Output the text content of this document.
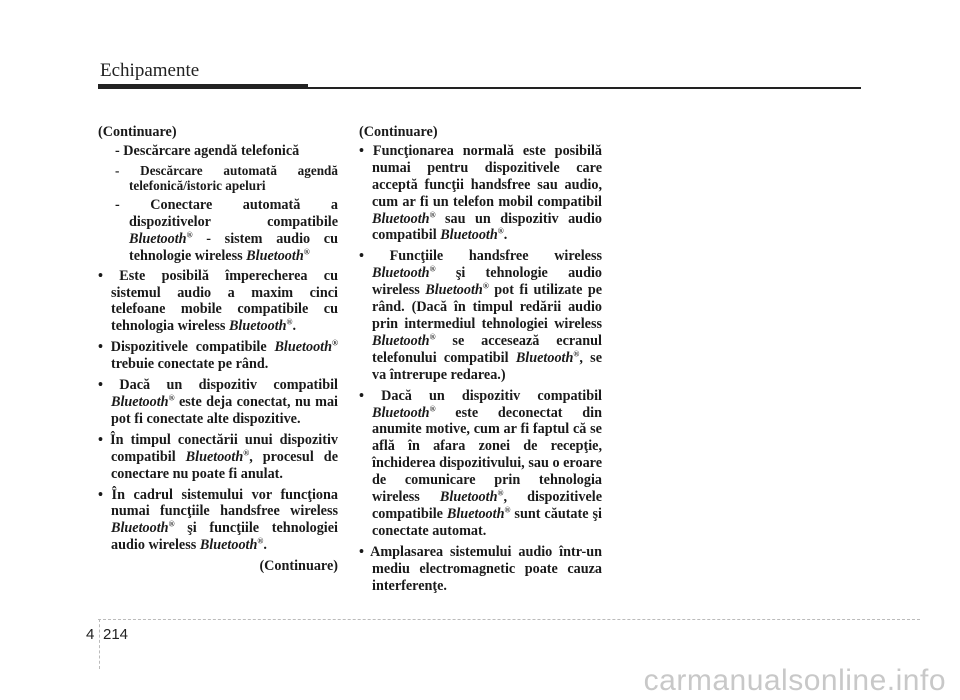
Echipamente

(Continuare)

- Descărcare agendă telefonică

- Descărcare automată agendă telefonică/istoric apeluri

- Conectare automată a dispozitivelor compatibile Bluetooth® - sistem audio cu tehnologie wireless Bluetooth®

• Este posibilă împerecherea cu sistemul audio a maxim cinci telefoane mobile compatibile cu tehnologia wireless Bluetooth®.

• Dispozitivele compatibile Bluetooth® trebuie conectate pe rând.

• Dacă un dispozitiv compatibil Bluetooth® este deja conectat, nu mai pot fi conectate alte dispozitive.

• În timpul conectării unui dispozitiv compatibil Bluetooth®, procesul de conectare nu poate fi anulat.

• În cadrul sistemului vor funcţiona numai funcţiile handsfree wireless Bluetooth® şi funcţiile tehnologiei audio wireless Bluetooth®.

(Continuare)

(Continuare)

• Funcţionarea normală este posibilă numai pentru dispozitivele care acceptă funcţii handsfree sau audio, cum ar fi un telefon mobil compatibil Bluetooth® sau un dispozitiv audio compatibil Bluetooth®.

• Funcţiile handsfree wireless Bluetooth® şi tehnologie audio wireless Bluetooth® pot fi utilizate pe rând. (Dacă în timpul redării audio prin intermediul tehnologiei wireless Bluetooth® se accesează ecranul telefonului compatibil Bluetooth®, se va întrerupe redarea.)

• Dacă un dispozitiv compatibil Bluetooth® este deconectat din anumite motive, cum ar fi faptul că se află în afara zonei de recepţie, închiderea dispozitivului, sau o eroare de comunicare prin tehnologia wireless Bluetooth®, dispozitivele compatibile Bluetooth® sunt căutate şi conectate automat.

• Amplasarea sistemului audio într-un mediu electromagnetic poate cauza interferenţe.

4 214
carmanualsonline.info
